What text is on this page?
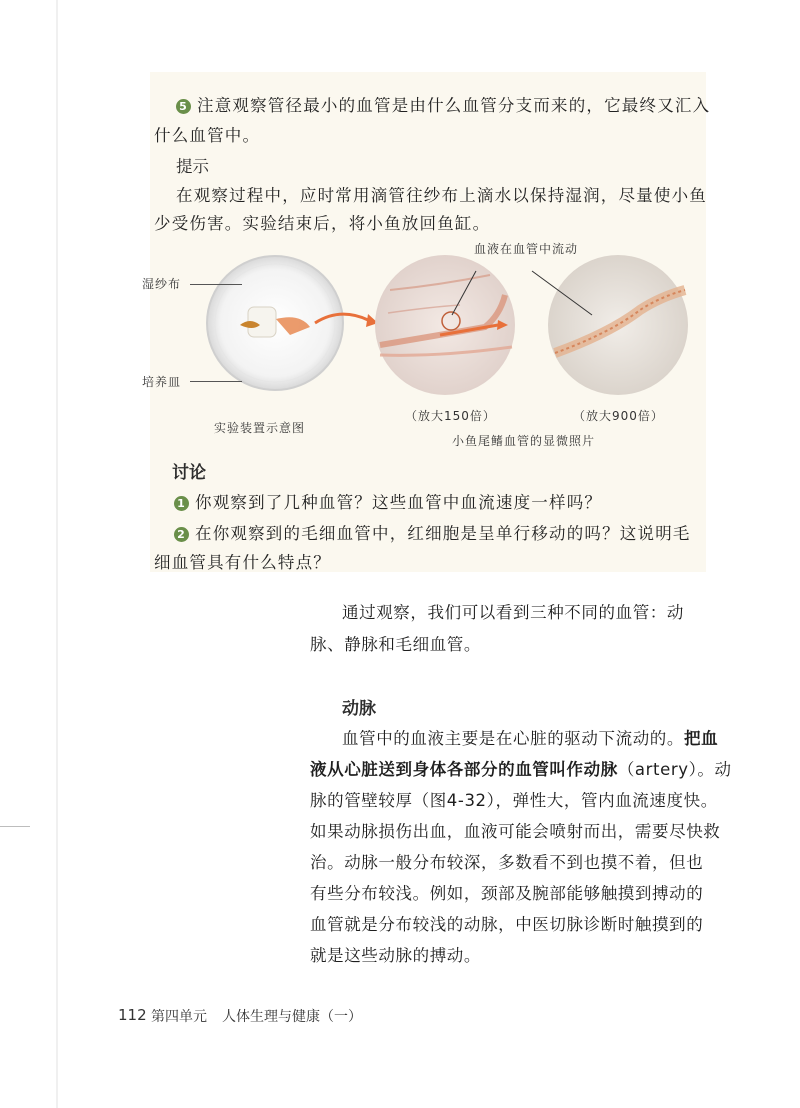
5 注意观察管径最小的血管是由什么血管分支而来的，它最终又汇入
什么血管中。
提示
在观察过程中，应时常用滴管往纱布上滴水以保持湿润，尽量使小鱼
少受伤害。实验结束后，将小鱼放回鱼缸。
湿纱布
培养皿
实验装置示意图
血液在血管中流动
（放大150倍）	（放大900倍）
小鱼尾鳍血管的显微照片
讨论
1 你观察到了几种血管？这些血管中血流速度一样吗？
2 在你观察到的毛细血管中，红细胞是呈单行移动的吗？这说明毛
细血管具有什么特点？
通过观察，我们可以看到三种不同的血管：动
脉、静脉和毛细血管。
动脉
血管中的血液主要是在心脏的驱动下流动的。把血
液从心脏送到身体各部分的血管叫作动脉（artery）。动
脉的管壁较厚（图4-32），弹性大，管内血流速度快。
如果动脉损伤出血，血液可能会喷射而出，需要尽快救
治。动脉一般分布较深，多数看不到也摸不着，但也
有些分布较浅。例如，颈部及腕部能够触摸到搏动的
血管就是分布较浅的动脉，中医切脉诊断时触摸到的
就是这些动脉的搏动。
112 第四单元 人体生理与健康（一）
